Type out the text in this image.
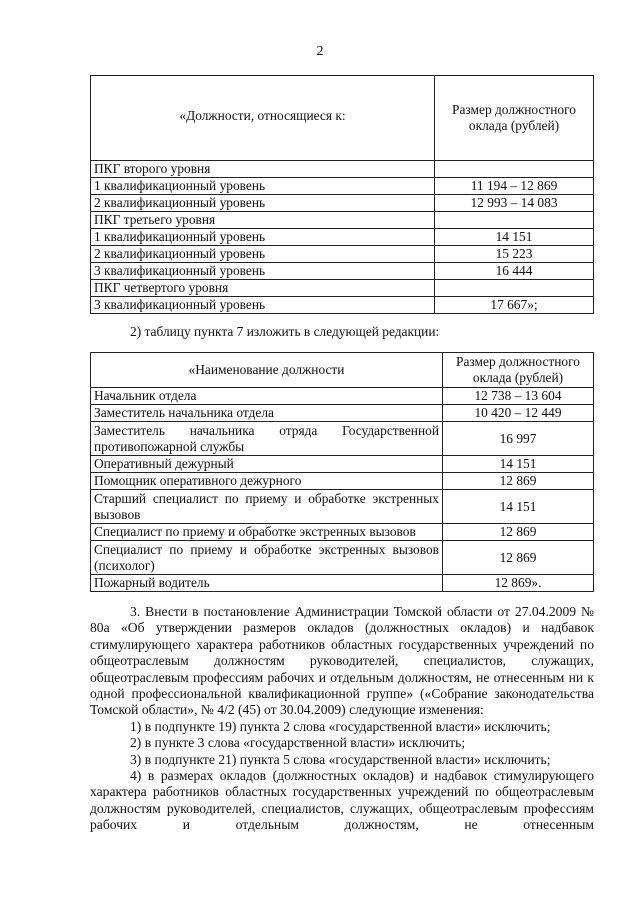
2
«Должности, относящиеся к:	Размер должностного оклада (рублей)
ПКГ второго уровня	
1 квалификационный уровень	11 194 – 12 869
2 квалификационный уровень	12 993 – 14 083
ПКГ третьего уровня	
1 квалификационный уровень	14 151
2 квалификационный уровень	15 223
3 квалификационный уровень	16 444
ПКГ четвертого уровня	
3 квалификационный уровень	17 667»;
2) таблицу пункта 7 изложить в следующей редакции:
«Наименование должности	Размер должностного оклада (рублей)
Начальник отдела	12 738 – 13 604
Заместитель начальника отдела	10 420 – 12 449
Заместитель начальника отряда Государственной противопожарной службы	16 997
Оперативный дежурный	14 151
Помощник оперативного дежурного	12 869
Старший специалист по приему и обработке экстренных вызовов	14 151
Специалист по приему и обработке экстренных вызовов	12 869
Специалист по приему и обработке экстренных вызовов (психолог)	12 869
Пожарный водитель	12 869».

3. Внести в постановление Администрации Томской области от 27.04.2009 № 80а «Об утверждении размеров окладов (должностных окладов) и надбавок стимулирующего характера работников областных государственных учреждений по общеотраслевым должностям руководителей, специалистов, служащих, общеотраслевым профессиям рабочих и отдельным должностям, не отнесенным ни к одной профессиональной квалификационной группе» («Собрание законодательства Томской области», № 4/2 (45) от 30.04.2009) следующие изменения:

1) в подпункте 19) пункта 2 слова «государственной власти» исключить;

2) в пункте 3 слова «государственной власти» исключить;

3) в подпункте 21) пункта 5 слова «государственной власти» исключить;

4) в размерах окладов (должностных окладов) и надбавок стимулирующего характера работников областных государственных учреждений по общеотраслевым должностям руководителей, специалистов, служащих, общеотраслевым профессиям рабочих и отдельным должностям, не отнесенным
